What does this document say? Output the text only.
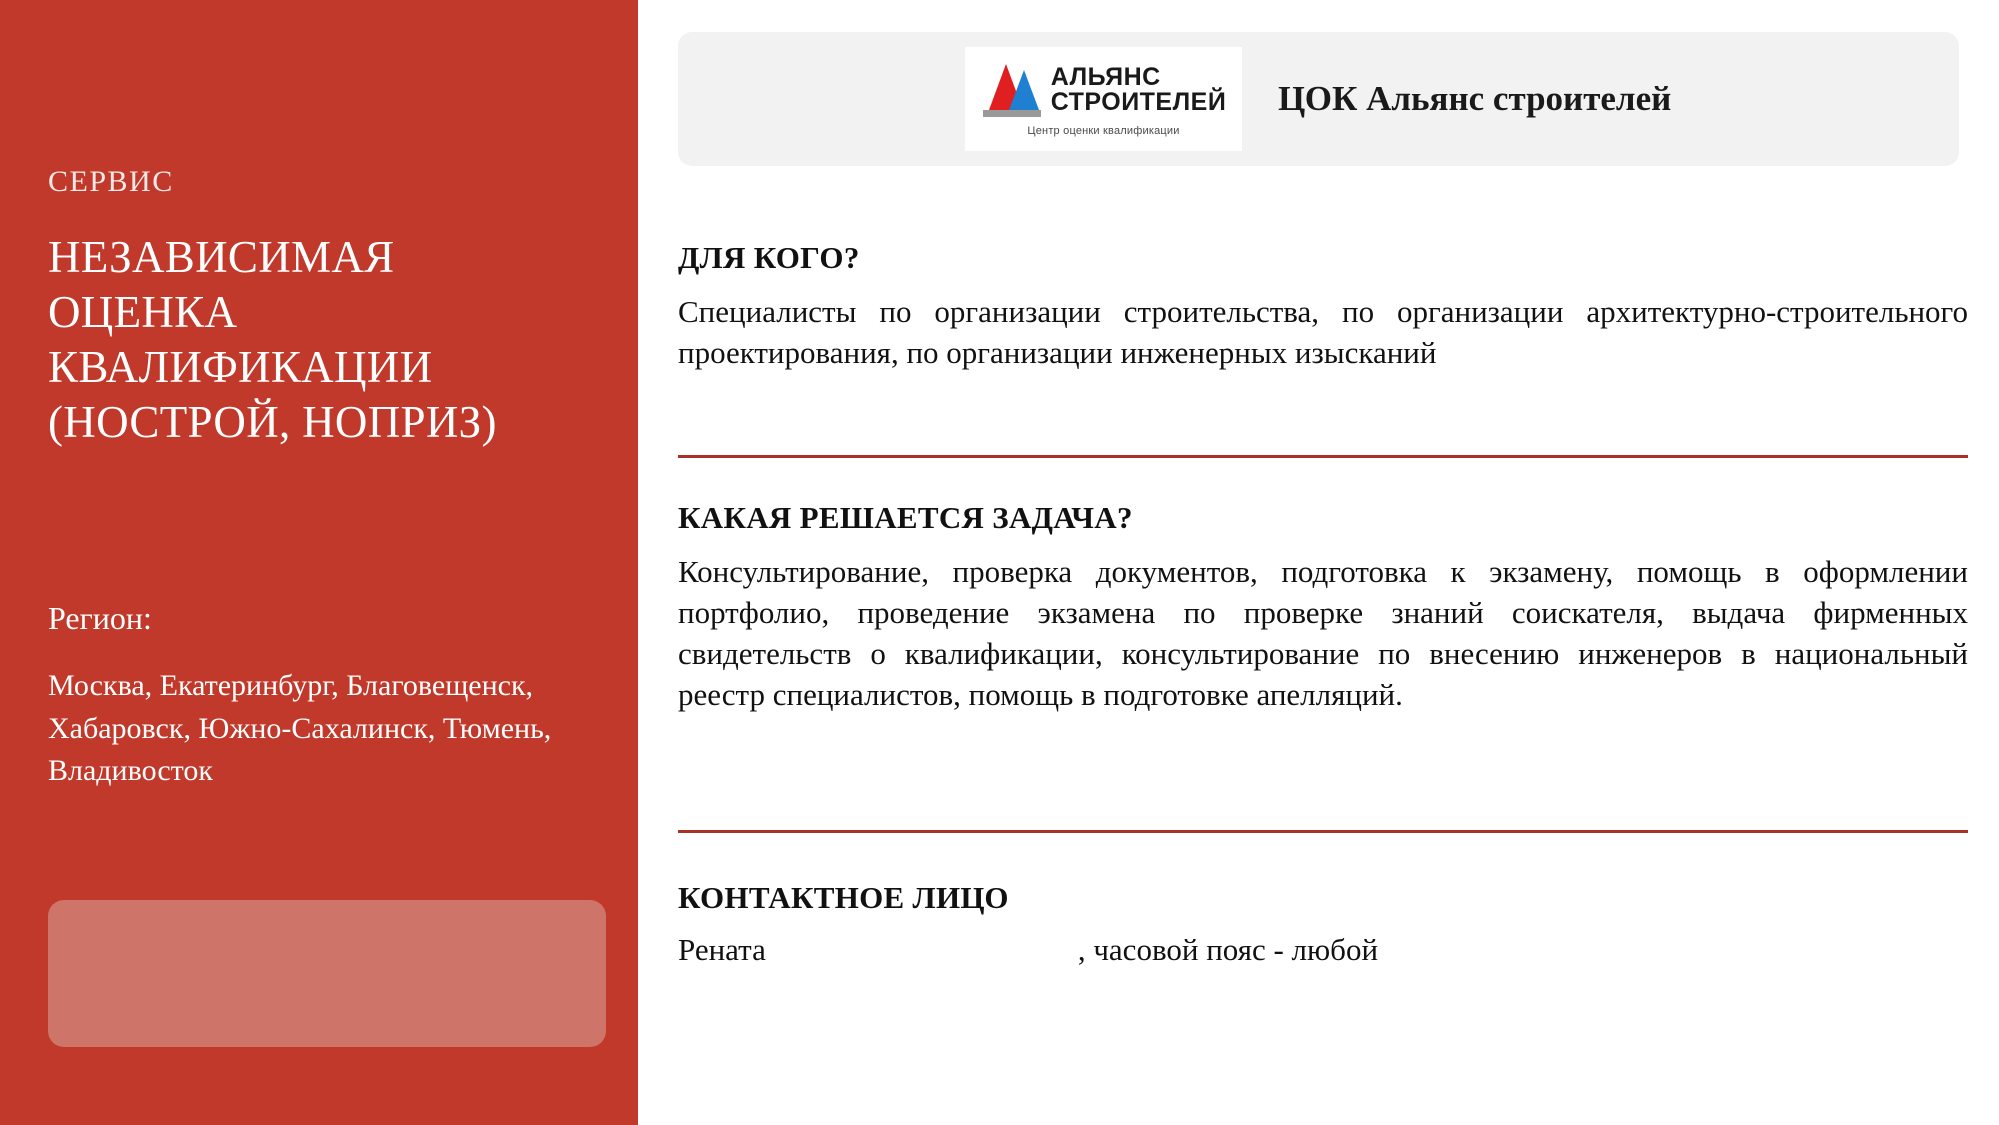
СЕРВИС

НЕЗАВИСИМАЯ ОЦЕНКА КВАЛИФИКАЦИИ (НОСТРОЙ, НОПРИЗ)

Регион:

Москва, Екатеринбург, Благовещенск, Хабаровск, Южно-Сахалинск, Тюмень, Владивосток

АЛЬЯНС
СТРОИТЕЛЕЙ
Центр оценки квалификации
ЦОК Альянс строителей
ДЛЯ КОГО?

Специалисты по организации строительства, по организации архитектурно-строительного проектирования, по организации инженерных изысканий

КАКАЯ РЕШАЕТСЯ ЗАДАЧА?

Консультирование, проверка документов, подготовка к экзамену, помощь в оформлении портфолио, проведение экзамена по проверке знаний соискателя, выдача фирменных свидетельств о квалификации, консультирование по внесению инженеров в национальный реестр специалистов, помощь в подготовке апелляций.

КОНТАКТНОЕ ЛИЦО
Рената	, часовой пояс - любой
